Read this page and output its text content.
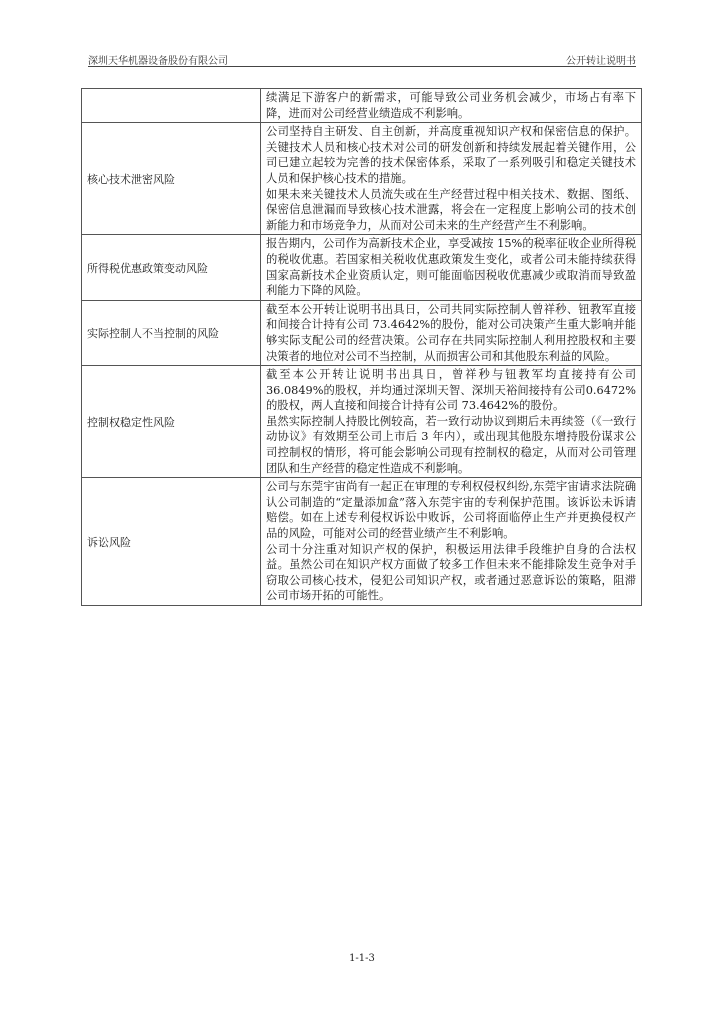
深圳天华机器设备股份有限公司	公开转让说明书

	续满足下游客户的新需求，可能导致公司业务机会减少，市场占有率下降，进而对公司经营业绩造成不利影响。

核心技术泄密风险	公司坚持自主研发、自主创新，并高度重视知识产权和保密信息的保护。关键技术人员和核心技术对公司的研发创新和持续发展起着关键作用，公司已建立起较为完善的技术保密体系，采取了一系列吸引和稳定关键技术人员和保护核心技术的措施。

如果未来关键技术人员流失或在生产经营过程中相关技术、数据、图纸、保密信息泄漏而导致核心技术泄露，将会在一定程度上影响公司的技术创新能力和市场竞争力，从而对公司未来的生产经营产生不利影响。

所得税优惠政策变动风险	报告期内，公司作为高新技术企业，享受减按 15%的税率征收企业所得税的税收优惠。若国家相关税收优惠政策发生变化，或者公司未能持续获得国家高新技术企业资质认定，则可能面临因税收优惠减少或取消而导致盈利能力下降的风险。

实际控制人不当控制的风险	截至本公开转让说明书出具日，公司共同实际控制人曾祥秒、钮教军直接和间接合计持有公司 73.4642%的股份，能对公司决策产生重大影响并能够实际支配公司的经营决策。公司存在共同实际控制人利用控股权和主要决策者的地位对公司不当控制，从而损害公司和其他股东利益的风险。

控制权稳定性风险	截至本公开转让说明书出具日，曾祥秒与钮教军均直接持有公司36.0849%的股权，并均通过深圳天智、深圳天裕间接持有公司0.6472%的股权，两人直接和间接合计持有公司 73.4642%的股份。

虽然实际控制人持股比例较高，若一致行动协议到期后未再续签（《一致行动协议》有效期至公司上市后 3 年内），或出现其他股东增持股份谋求公司控制权的情形，将可能会影响公司现有控制权的稳定，从而对公司管理团队和生产经营的稳定性造成不利影响。

诉讼风险	公司与东莞宇宙尚有一起正在审理的专利权侵权纠纷,东莞宇宙请求法院确认公司制造的“定量添加盒”落入东莞宇宙的专利保护范围。该诉讼未诉请赔偿。如在上述专利侵权诉讼中败诉，公司将面临停止生产并更换侵权产品的风险，可能对公司的经营业绩产生不利影响。

公司十分注重对知识产权的保护，积极运用法律手段维护自身的合法权益。虽然公司在知识产权方面做了较多工作但未来不能排除发生竞争对手窃取公司核心技术，侵犯公司知识产权，或者通过恶意诉讼的策略，阻滞公司市场开拓的可能性。

1-1-3
